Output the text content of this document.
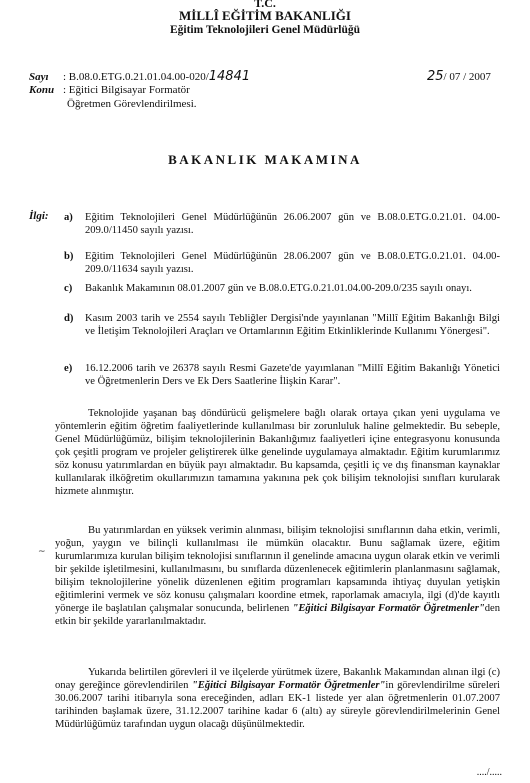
T.C.
MİLLÎ EĞİTİM BAKANLIĞI
Eğitim Teknolojileri Genel Müdürlüğü
Sayı : B.08.0.ETG.0.21.01.04.00-020/14841	25/ 07 / 2007
Konu : Eğitici Bilgisayar Formatör
Öğretmen Görevlendirilmesi.
BAKANLIK MAKAMINA
İlgi: a) Eğitim Teknolojileri Genel Müdürlüğünün 26.06.2007 gün ve B.08.0.ETG.0.21.01. 04.00-209.0/11450 sayılı yazısı.
b) Eğitim Teknolojileri Genel Müdürlüğünün 28.06.2007 gün ve B.08.0.ETG.0.21.01. 04.00-209.0/11634 sayılı yazısı.
c) Bakanlık Makamının 08.01.2007 gün ve B.08.0.ETG.0.21.01.04.00-209.0/235 sayılı onayı.
d) Kasım 2003 tarih ve 2554 sayılı Tebliğler Dergisi'nde yayınlanan "Millî Eğitim Bakanlığı Bilgi ve İletişim Teknolojileri Araçları ve Ortamlarının Eğitim Etkinliklerinde Kullanımı Yönergesi".
e) 16.12.2006 tarih ve 26378 sayılı Resmi Gazete'de yayımlanan "Millî Eğitim Bakanlığı Yönetici ve Öğretmenlerin Ders ve Ek Ders Saatlerine İlişkin Karar".
Teknolojide yaşanan baş döndürücü gelişmelere bağlı olarak ortaya çıkan yeni uygulama ve yöntemlerin eğitim öğretim faaliyetlerinde kullanılması bir zorunluluk haline gelmektedir. Bu sebeple, Genel Müdürlüğümüz, bilişim teknolojilerinin Bakanlığımız faaliyetleri içine entegrasyonu konusunda çok çeşitli program ve projeler geliştirerek ülke genelinde uygulamaya almaktadır. Eğitim kurumlarımız söz konusu yatırımlardan en büyük payı almaktadır. Bu kapsamda, çeşitli iç ve dış finansman kaynaklar kullanılarak ilköğretim okullarımızın tamamına yakınına pek çok bilişim teknolojisi sınıfları kurularak hizmete alınmıştır.
~
Bu yatırımlardan en yüksek verimin alınması, bilişim teknolojisi sınıflarının daha etkin, verimli, yoğun, yaygın ve bilinçli kullanılması ile mümkün olacaktır. Bunu sağlamak üzere, eğitim kurumlarımıza kurulan bilişim teknolojisi sınıflarının il genelinde amacına uygun olarak etkin ve verimli bir şekilde işletilmesini, kullanılmasını, bu sınıflarda düzenlenecek eğitimlerin planlanmasını sağlamak, bilişim teknolojilerine yönelik düzenlenen eğitim programları kapsamında ihtiyaç duyulan yetişkin eğitimlerini vermek ve söz konusu çalışmaları koordine etmek, raporlamak amacıyla, ilgi (d)'de kayıtlı yönerge ile başlatılan çalışmalar sonucunda, belirlenen "Eğitici Bilgisayar Formatör Öğretmenler"den etkin bir şekilde yararlanılmaktadır.
Yukarıda belirtilen görevleri il ve ilçelerde yürütmek üzere, Bakanlık Makamından alınan ilgi (c) onay gereğince görevlendirilen "Eğitici Bilgisayar Formatör Öğretmenler"in görevlendirilme süreleri 30.06.2007 tarihi itibarıyla sona ereceğinden, adları EK-1 listede yer alan öğretmenlerin 01.07.2007 tarihinden başlamak üzere, 31.12.2007 tarihine kadar 6 (altı) ay süreyle görevlendirilmelerinin Genel Müdürlüğümüz tarafından uygun olacağı düşünülmektedir.
..../.....
